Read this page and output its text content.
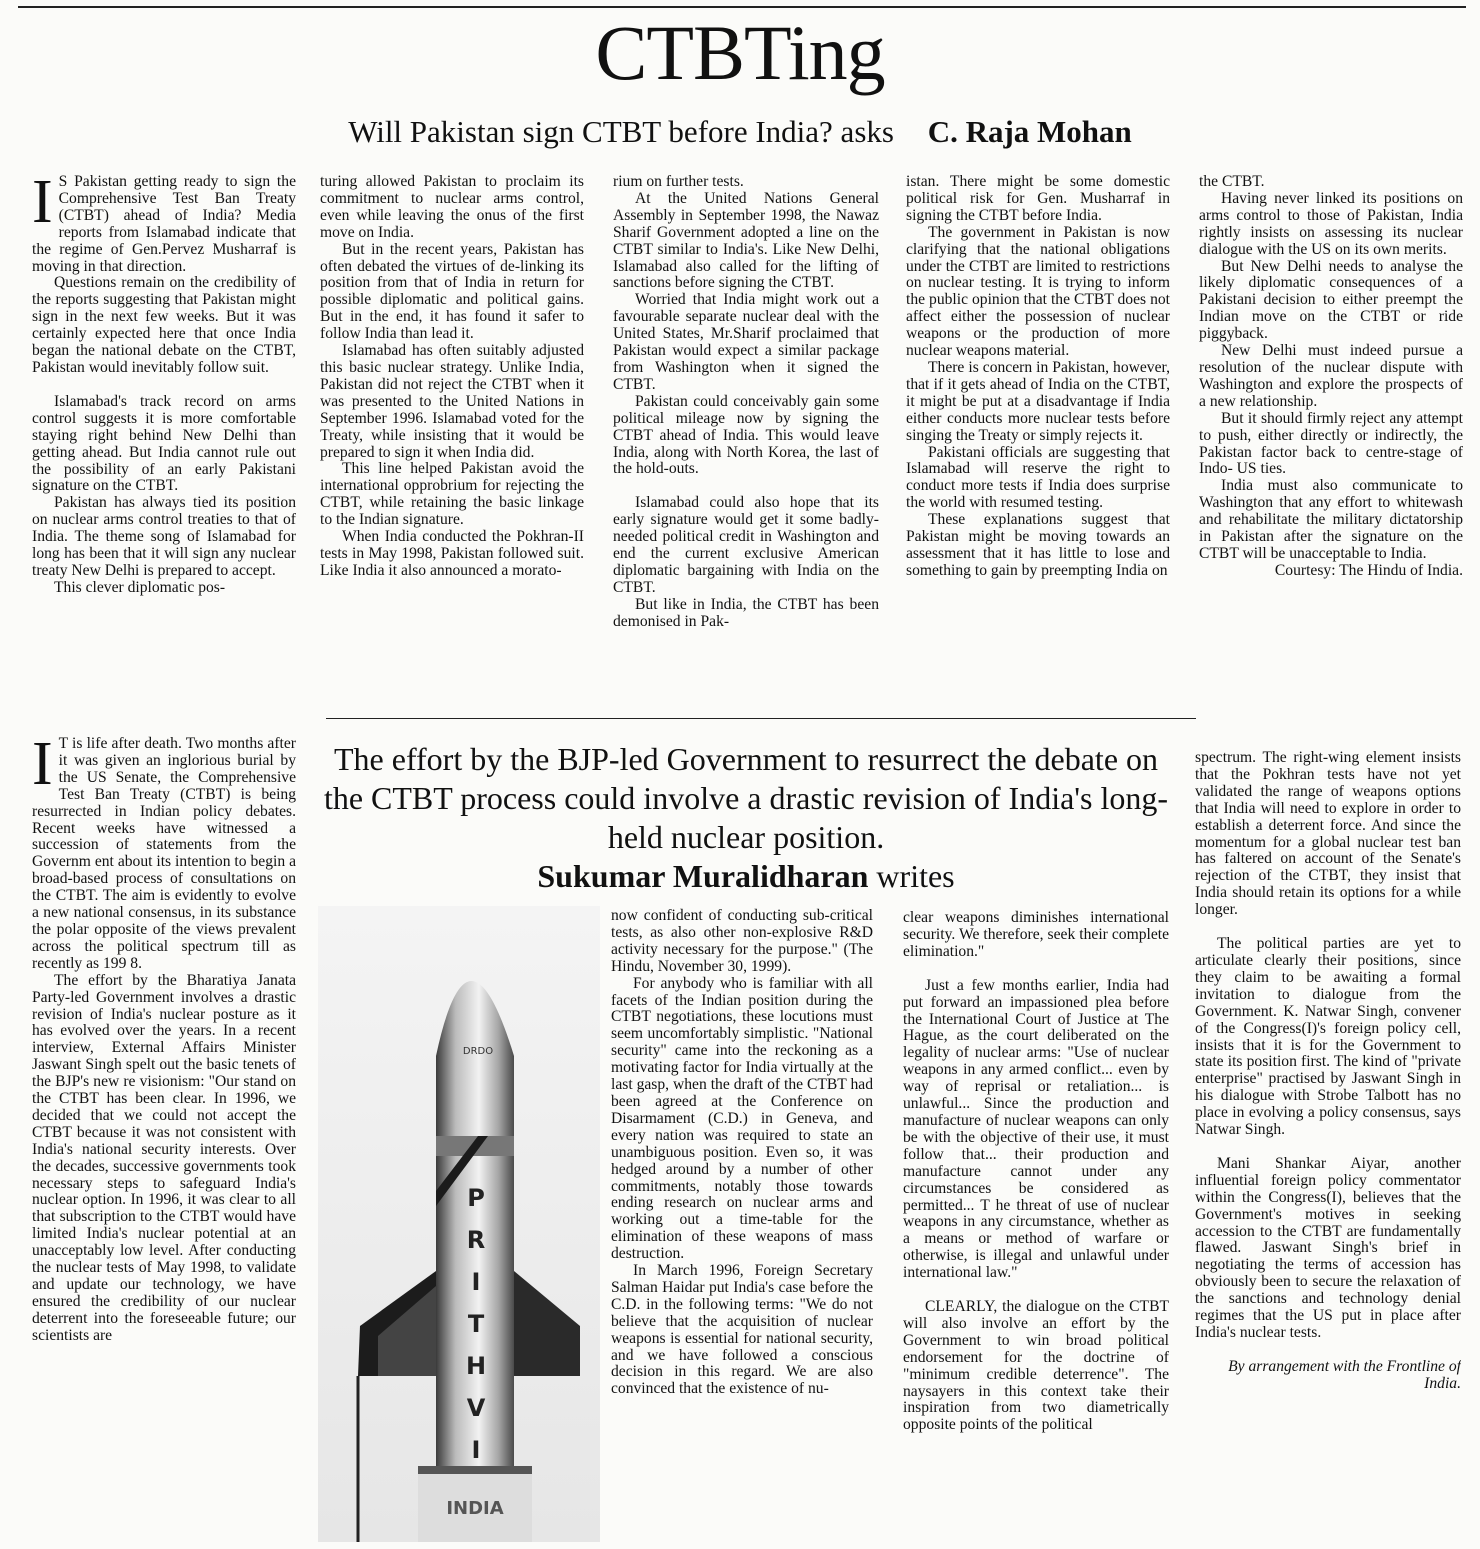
CTBTing
Will Pakistan sign CTBT before India? asks C. Raja Mohan

I S Pakistan getting ready to sign the Comprehensive Test Ban Treaty (CTBT) ahead of India? Media reports from Islamabad indicate that the regime of Gen.Pervez Musharraf is moving in that direction.

Questions remain on the credibility of the reports suggesting that Pakistan might sign in the next few weeks. But it was certainly expected here that once India began the national debate on the CTBT, Pakistan would inevitably follow suit.

Islamabad's track record on arms control suggests it is more comfortable staying right behind New Delhi than getting ahead. But India cannot rule out the possibility of an early Pakistani signature on the CTBT.

Pakistan has always tied its position on nuclear arms control treaties to that of India. The theme song of Islamabad for long has been that it will sign any nuclear treaty New Delhi is prepared to accept.

This clever diplomatic pos-

turing allowed Pakistan to proclaim its commitment to nuclear arms control, even while leaving the onus of the first move on India.

But in the recent years, Pakistan has often debated the virtues of de-linking its position from that of India in return for possible diplomatic and political gains. But in the end, it has found it safer to follow India than lead it.

Islamabad has often suitably adjusted this basic nuclear strategy. Unlike India, Pakistan did not reject the CTBT when it was presented to the United Nations in September 1996. Islamabad voted for the Treaty, while insisting that it would be prepared to sign it when India did.

This line helped Pakistan avoid the international opprobrium for rejecting the CTBT, while retaining the basic linkage to the Indian signature.

When India conducted the Pokhran-II tests in May 1998, Pakistan followed suit. Like India it also announced a morato-

rium on further tests.

At the United Nations General Assembly in September 1998, the Nawaz Sharif Government adopted a line on the CTBT similar to India's. Like New Delhi, Islamabad also called for the lifting of sanctions before signing the CTBT.

Worried that India might work out a favourable separate nuclear deal with the United States, Mr.Sharif proclaimed that Pakistan would expect a similar package from Washington when it signed the CTBT.

Pakistan could conceivably gain some political mileage now by signing the CTBT ahead of India. This would leave India, along with North Korea, the last of the hold-outs.

Islamabad could also hope that its early signature would get it some badly-needed political credit in Washington and end the current exclusive American diplomatic bargaining with India on the CTBT.

But like in India, the CTBT has been demonised in Pak-

istan. There might be some domestic political risk for Gen. Musharraf in signing the CTBT before India.

The government in Pakistan is now clarifying that the national obligations under the CTBT are limited to restrictions on nuclear testing. It is trying to inform the public opinion that the CTBT does not affect either the possession of nuclear weapons or the production of more nuclear weapons material.

There is concern in Pakistan, however, that if it gets ahead of India on the CTBT, it might be put at a disadvantage if India either conducts more nuclear tests before singing the Treaty or simply rejects it.

Pakistani officials are suggesting that Islamabad will reserve the right to conduct more tests if India does surprise the world with resumed testing.

These explanations suggest that Pakistan might be moving towards an assessment that it has little to lose and something to gain by preempting India on

the CTBT.

Having never linked its positions on arms control to those of Pakistan, India rightly insists on assessing its nuclear dialogue with the US on its own merits.

But New Delhi needs to analyse the likely diplomatic consequences of a Pakistani decision to either preempt the Indian move on the CTBT or ride piggyback.

New Delhi must indeed pursue a resolution of the nuclear dispute with Washington and explore the prospects of a new relationship.

But it should firmly reject any attempt to push, either directly or indirectly, the Pakistan factor back to centre-stage of Indo- US ties.

India must also communicate to Washington that any effort to whitewash and rehabilitate the military dictatorship in Pakistan after the signature on the CTBT will be unacceptable to India.

Courtesy: The Hindu of India.

The effort by the BJP-led Government to resurrect the debate on the CTBT process could involve a drastic revision of India's long-held nuclear position.
Sukumar Muralidharan writes

I T is life after death. Two months after it was given an inglorious burial by the US Senate, the Comprehensive Test Ban Treaty (CTBT) is being resurrected in Indian policy debates. Recent weeks have witnessed a succession of statements from the Governm ent about its intention to begin a broad-based process of consultations on the CTBT. The aim is evidently to evolve a new national consensus, in its substance the polar opposite of the views prevalent across the political spectrum till as recently as 199 8.

The effort by the Bharatiya Janata Party-led Government involves a drastic revision of India's nuclear posture as it has evolved over the years. In a recent interview, External Affairs Minister Jaswant Singh spelt out the basic tenets of the BJP's new re visionism: "Our stand on the CTBT has been clear. In 1996, we decided that we could not accept the CTBT because it was not consistent with India's national security interests. Over the decades, successive governments took necessary steps to safeguard India's nuclear option. In 1996, it was clear to all that subscription to the CTBT would have limited India's nuclear potential at an unacceptably low level. After conducting the nuclear tests of May 1998, to validate and update our technology, we have ensured the credibility of our nuclear deterrent into the foreseeable future; our scientists are

DRDO
P
R
I
T
H
V
I
INDIA

now confident of conducting sub-critical tests, as also other non-explosive R&D activity necessary for the purpose." (The Hindu, November 30, 1999).

For anybody who is familiar with all facets of the Indian position during the CTBT negotiations, these locutions must seem uncomfortably simplistic. "National security" came into the reckoning as a motivating factor for India virtually at the last gasp, when the draft of the CTBT had been agreed at the Conference on Disarmament (C.D.) in Geneva, and every nation was required to state an unambiguous position. Even so, it was hedged around by a number of other commitments, notably those towards ending research on nuclear arms and working out a time-table for the elimination of these weapons of mass destruction.

In March 1996, Foreign Secretary Salman Haidar put India's case before the C.D. in the following terms: "We do not believe that the acquisition of nuclear weapons is essential for national security, and we have followed a conscious decision in this regard. We are also convinced that the existence of nu-

clear weapons diminishes international security. We therefore, seek their complete elimination."

Just a few months earlier, India had put forward an impassioned plea before the International Court of Justice at The Hague, as the court deliberated on the legality of nuclear arms: "Use of nuclear weapons in any armed conflict... even by way of reprisal or retaliation... is unlawful... Since the production and manufacture of nuclear weapons can only be with the objective of their use, it must follow that... their production and manufacture cannot under any circumstances be considered as permitted... T he threat of use of nuclear weapons in any circumstance, whether as a means or method of warfare or otherwise, is illegal and unlawful under international law."

CLEARLY, the dialogue on the CTBT will also involve an effort by the Government to win broad political endorsement for the doctrine of "minimum credible deterrence". The naysayers in this context take their inspiration from two diametrically opposite points of the political

spectrum. The right-wing element insists that the Pokhran tests have not yet validated the range of weapons options that India will need to explore in order to establish a deterrent force. And since the momentum for a global nuclear test ban has faltered on account of the Senate's rejection of the CTBT, they insist that India should retain its options for a while longer.

The political parties are yet to articulate clearly their positions, since they claim to be awaiting a formal invitation to dialogue from the Government. K. Natwar Singh, convener of the Congress(I)'s foreign policy cell, insists that it is for the Government to state its position first. The kind of "private enterprise" practised by Jaswant Singh in his dialogue with Strobe Talbott has no place in evolving a policy consensus, says Natwar Singh.

Mani Shankar Aiyar, another influential foreign policy commentator within the Congress(I), believes that the Government's motives in seeking accession to the CTBT are fundamentally flawed. Jaswant Singh's brief in negotiating the terms of accession has obviously been to secure the relaxation of the sanctions and technology denial regimes that the US put in place after India's nuclear tests.

By arrangement with the Frontline of India.
